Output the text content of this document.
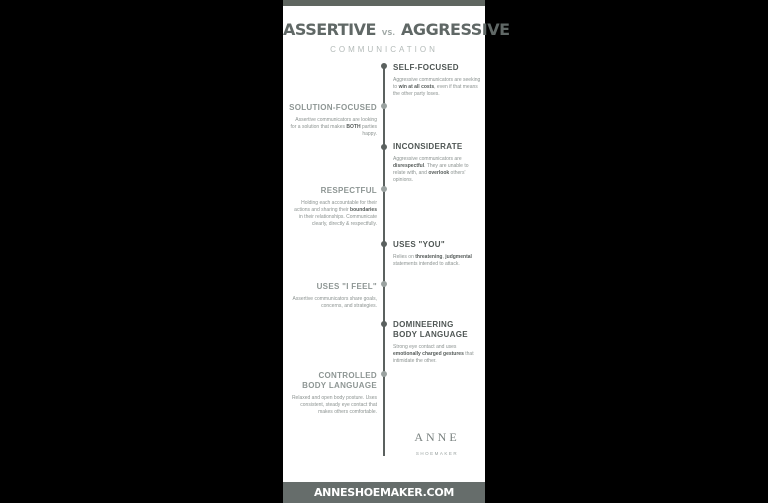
ASSERTIVE VS. AGGRESSIVE
COMMUNICATION
SELF-FOCUSED
Aggressive communicators are seeking to win at all costs, even if that means the other party loses.
SOLUTION-FOCUSED
Assertive communicators are looking for a solution that makes BOTH parties happy.
INCONSIDERATE
Aggressive communicators are disrespectful. They are unable to relate with, and overlook others' opinions.
RESPECTFUL
Holding each accountable for their actions and sharing their boundaries in their relationships. Communicate clearly, directly & respectfully.
USES "YOU"
Relies on threatening, judgmental statements intended to attack.
USES "I FEEL"
Assertive communicators share goals, concerns, and strategies.
DOMINEERING
BODY LANGUAGE
Strong eye contact and uses emotionally charged gestures that intimidate the other.
CONTROLLED
BODY LANGUAGE
Relaxed and open body posture. Uses consistent, steady eye contact that makes others comfortable.
ANNE
SHOEMAKER
ANNESHOEMAKER.COM
